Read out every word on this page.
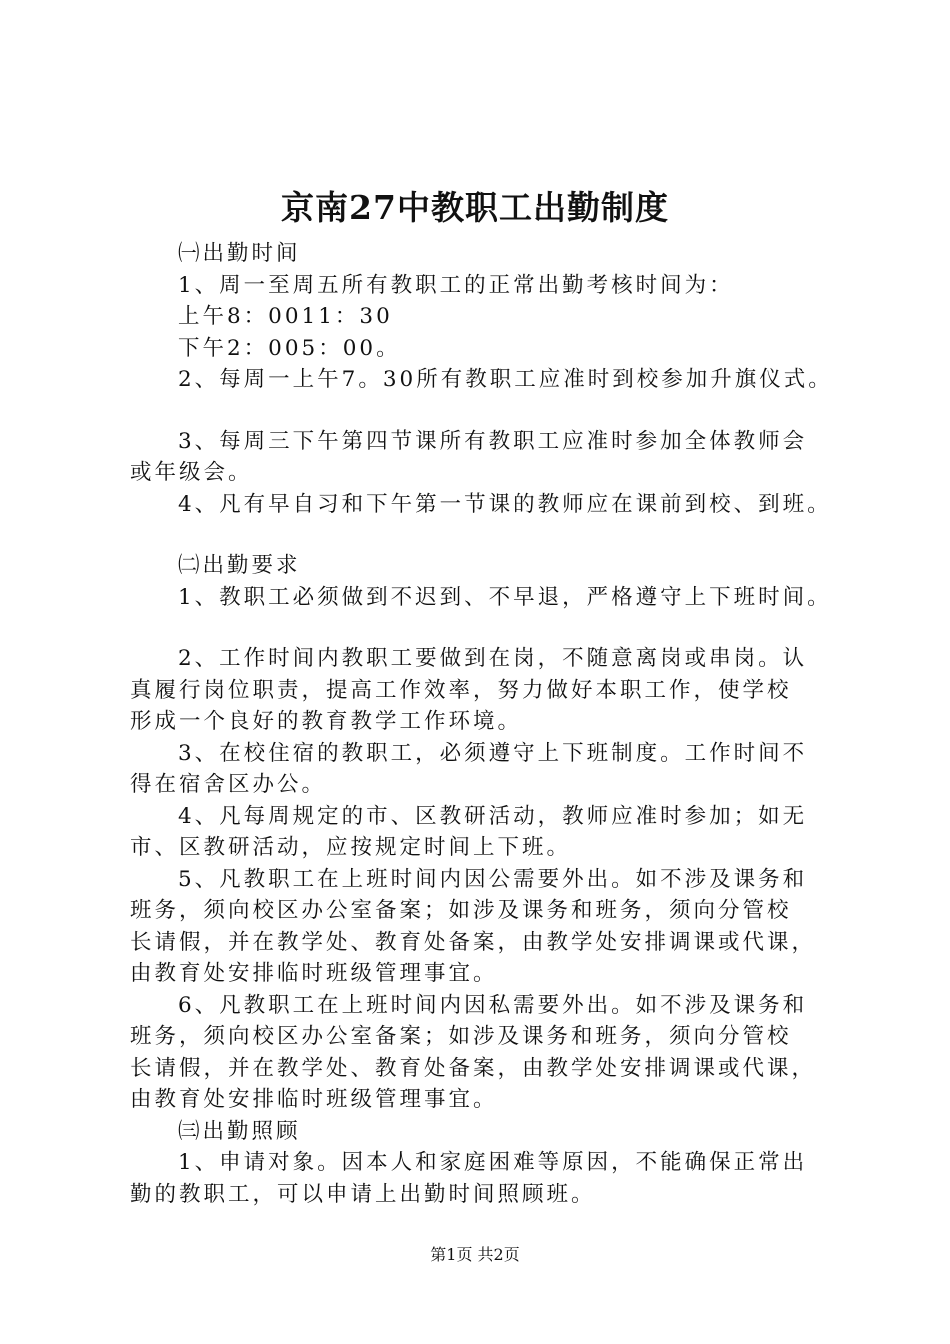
京南27中教职工出勤制度

㈠出勤时间

1、周一至周五所有教职工的正常出勤考核时间为：

上午8：0011：30

下午2：005：00。

2、每周一上午7。30所有教职工应准时到校参加升旗仪式。

3、每周三下午第四节课所有教职工应准时参加全体教师会

或年级会。

4、凡有早自习和下午第一节课的教师应在课前到校、到班。

㈡出勤要求

1、教职工必须做到不迟到、不早退，严格遵守上下班时间。

2、工作时间内教职工要做到在岗，不随意离岗或串岗。认

真履行岗位职责，提高工作效率，努力做好本职工作，使学校

形成一个良好的教育教学工作环境。

3、在校住宿的教职工，必须遵守上下班制度。工作时间不

得在宿舍区办公。

4、凡每周规定的市、区教研活动，教师应准时参加；如无

市、区教研活动，应按规定时间上下班。

5、凡教职工在上班时间内因公需要外出。如不涉及课务和

班务，须向校区办公室备案；如涉及课务和班务，须向分管校

长请假，并在教学处、教育处备案，由教学处安排调课或代课，

由教育处安排临时班级管理事宜。

6、凡教职工在上班时间内因私需要外出。如不涉及课务和

班务，须向校区办公室备案；如涉及课务和班务，须向分管校

长请假，并在教学处、教育处备案，由教学处安排调课或代课，

由教育处安排临时班级管理事宜。

㈢出勤照顾

1、申请对象。因本人和家庭困难等原因，不能确保正常出

勤的教职工，可以申请上出勤时间照顾班。

第1页 共2页
